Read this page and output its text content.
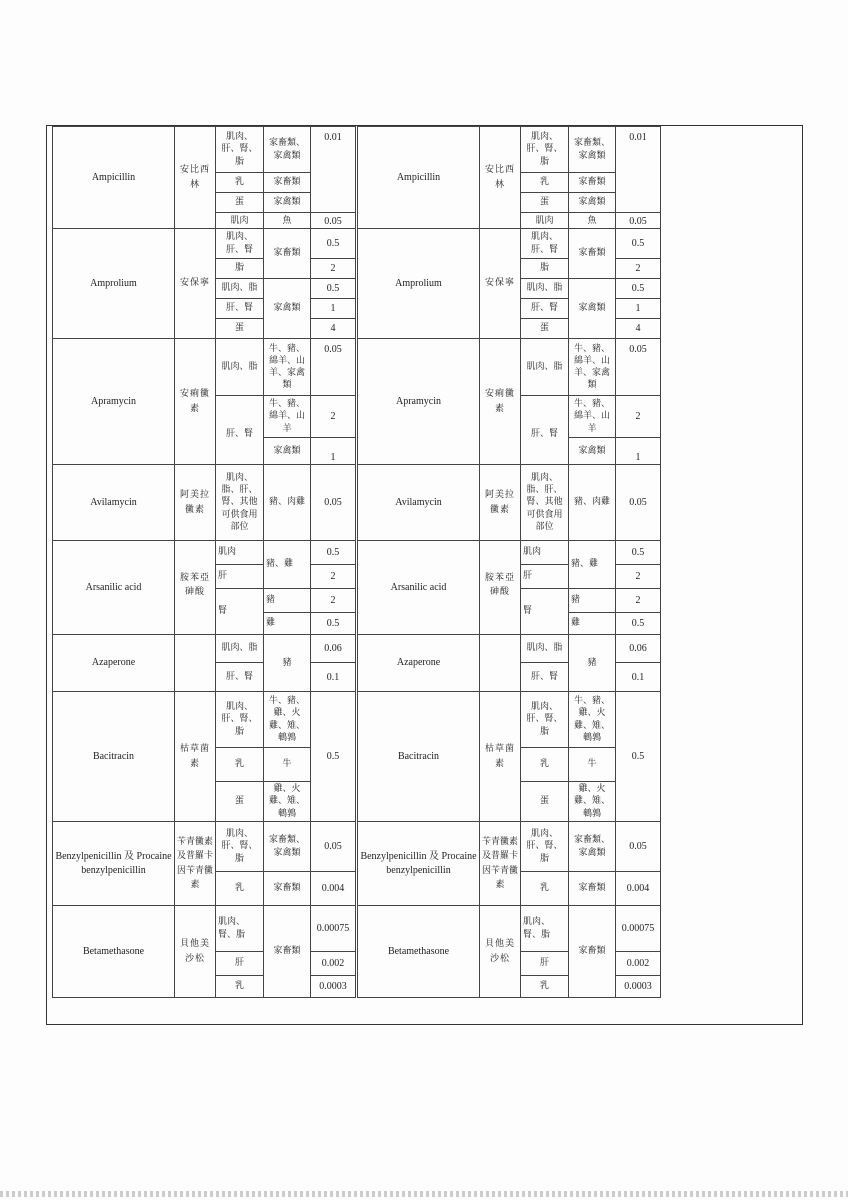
Ampicillin	安比西林	肌肉、肝、腎、脂	家畜類、家禽類	0.01
		乳	家畜類	
		蛋	家禽類	
		肌肉	魚	0.05
Amprolium	安保寧	肌肉、肝、腎	家畜類	0.5
		脂		2
		肌肉、脂	家禽類	0.5
		肝、腎		1
		蛋		4
Apramycin	安痢黴素	肌肉、脂	牛、豬、綿羊、山羊、家禽類	0.05
		肝、腎	牛、豬、綿羊、山羊	2
			家禽類	1
Avilamycin	阿美拉黴素	肌肉、脂、肝、腎、其他可供食用部位	豬、肉雞	0.05
Arsanilic acid	胺苯亞砷酸	肌肉	豬、雞	0.5
		肝		2
		腎	豬	2
			雞	0.5
Azaperone		肌肉、脂	豬	0.06
		肝、腎		0.1
Bacitracin	枯草菌素	肌肉、肝、腎、脂	牛、豬、雞、火雞、雉、鵪鶉	0.5
		乳	牛	
		蛋	雞、火雞、雉、鵪鶉	
Benzylpenicillin 及 Procaine benzylpenicillin	苄青黴素及普羅卡因苄青黴素	肌肉、肝、腎、脂	家畜類、家禽類	0.05
		乳	家畜類	0.004
Betamethasone	貝他美沙松	肌肉、腎、脂	家畜類	0.00075
		肝		0.002
		乳		0.0003
Ampicillin	安比西林	肌肉、肝、腎、脂	家畜類、家禽類	0.01
		乳	家畜類	
		蛋	家禽類	
		肌肉	魚	0.05
Amprolium	安保寧	肌肉、肝、腎	家畜類	0.5
		脂		2
		肌肉、脂	家禽類	0.5
		肝、腎		1
		蛋		4
Apramycin	安痢黴素	肌肉、脂	牛、豬、綿羊、山羊、家禽類	0.05
		肝、腎	牛、豬、綿羊、山羊	2
			家禽類	1
Avilamycin	阿美拉黴素	肌肉、脂、肝、腎、其他可供食用部位	豬、肉雞	0.05
Arsanilic acid	胺苯亞砷酸	肌肉	豬、雞	0.5
		肝		2
		腎	豬	2
			雞	0.5
Azaperone		肌肉、脂	豬	0.06
		肝、腎		0.1
Bacitracin	枯草菌素	肌肉、肝、腎、脂	牛、豬、雞、火雞、雉、鵪鶉	0.5
		乳	牛	
		蛋	雞、火雞、雉、鵪鶉	
Benzylpenicillin 及 Procaine benzylpenicillin	苄青黴素及普羅卡因苄青黴素	肌肉、肝、腎、脂	家畜類、家禽類	0.05
		乳	家畜類	0.004
Betamethasone	貝他美沙松	肌肉、腎、脂	家畜類	0.00075
		肝		0.002
		乳		0.0003
